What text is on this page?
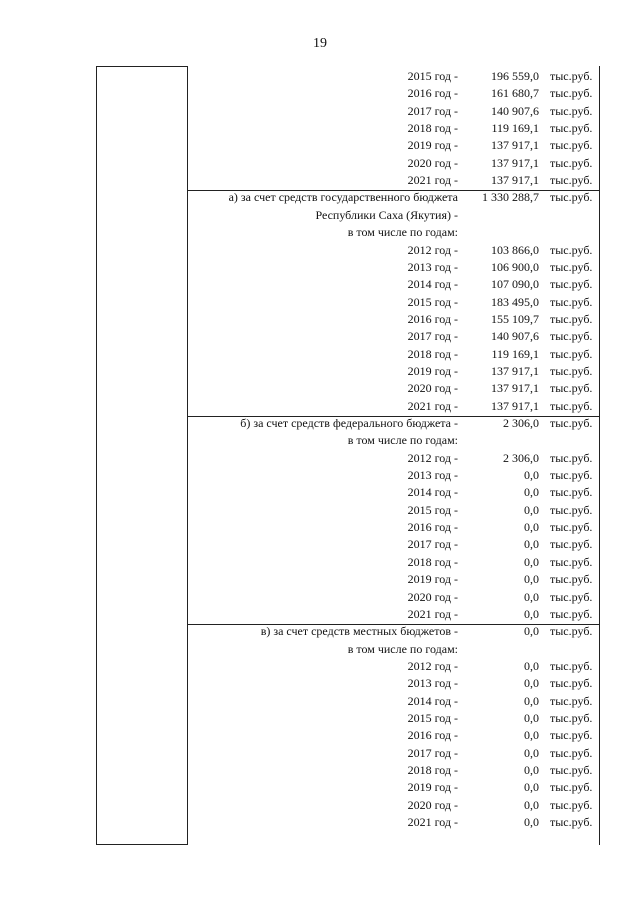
19
2015 год -	196 559,0 тыс.руб.
2016 год -	161 680,7 тыс.руб.
2017 год -	140 907,6 тыс.руб.
2018 год -	119 169,1 тыс.руб.
2019 год -	137 917,1 тыс.руб.
2020 год -	137 917,1 тыс.руб.
2021 год -	137 917,1 тыс.руб.
а) за счет средств государственного бюджета 1 330 288,7 тыс.руб.
Республики Саха (Якутия) -
в том числе по годам:
2012 год -	103 866,0 тыс.руб.
2013 год -	106 900,0 тыс.руб.
2014 год -	107 090,0 тыс.руб.
2015 год -	183 495,0 тыс.руб.
2016 год -	155 109,7 тыс.руб.
2017 год -	140 907,6 тыс.руб.
2018 год -	119 169,1 тыс.руб.
2019 год -	137 917,1 тыс.руб.
2020 год -	137 917,1 тыс.руб.
2021 год -	137 917,1 тыс.руб.
б) за счет средств федерального бюджета -	2 306,0 тыс.руб.
в том числе по годам:
2012 год -	2 306,0 тыс.руб.
2013 год -	0,0 тыс.руб.
2014 год -	0,0 тыс.руб.
2015 год -	0,0 тыс.руб.
2016 год -	0,0 тыс.руб.
2017 год -	0,0 тыс.руб.
2018 год -	0,0 тыс.руб.
2019 год -	0,0 тыс.руб.
2020 год -	0,0 тыс.руб.
2021 год -	0,0 тыс.руб.
в) за счет средств местных бюджетов -	0,0 тыс.руб.
в том числе по годам:
2012 год -	0,0 тыс.руб.
2013 год -	0,0 тыс.руб.
2014 год -	0,0 тыс.руб.
2015 год -	0,0 тыс.руб.
2016 год -	0,0 тыс.руб.
2017 год -	0,0 тыс.руб.
2018 год -	0,0 тыс.руб.
2019 год -	0,0 тыс.руб.
2020 год -	0,0 тыс.руб.
2021 год -	0,0 тыс.руб.
